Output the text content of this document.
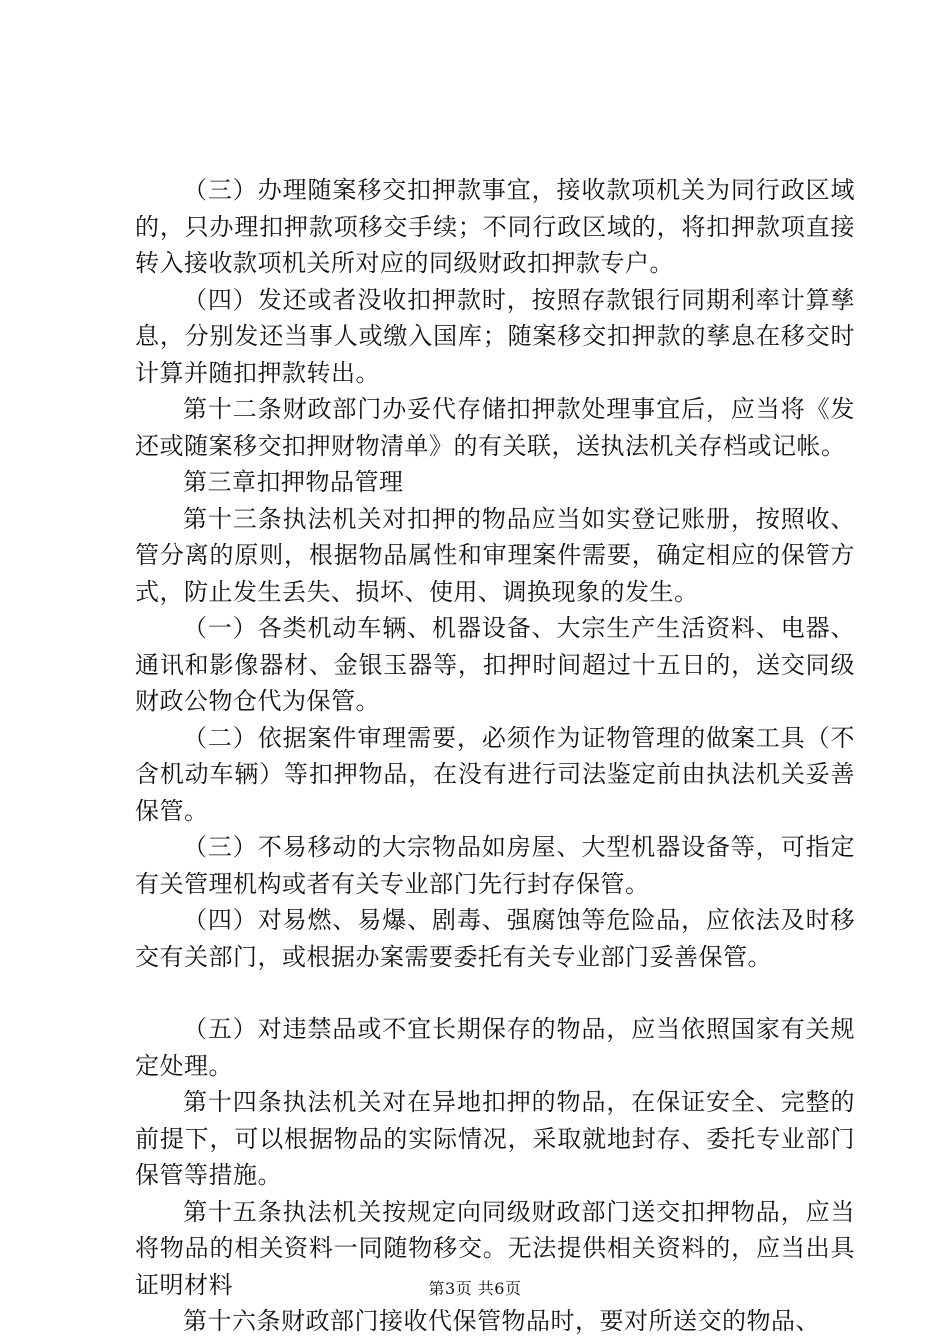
（三）办理随案移交扣押款事宜，接收款项机关为同行政区域的，只办理扣押款项移交手续；不同行政区域的，将扣押款项直接转入接收款项机关所对应的同级财政扣押款专户。

（四）发还或者没收扣押款时，按照存款银行同期利率计算孳息，分别发还当事人或缴入国库；随案移交扣押款的孳息在移交时计算并随扣押款转出。

第十二条财政部门办妥代存储扣押款处理事宜后，应当将《发还或随案移交扣押财物清单》的有关联，送执法机关存档或记帐。

第三章扣押物品管理

第十三条执法机关对扣押的物品应当如实登记账册，按照收、管分离的原则，根据物品属性和审理案件需要，确定相应的保管方式，防止发生丢失、损坏、使用、调换现象的发生。

（一）各类机动车辆、机器设备、大宗生产生活资料、电器、通讯和影像器材、金银玉器等，扣押时间超过十五日的，送交同级财政公物仓代为保管。

（二）依据案件审理需要，必须作为证物管理的做案工具（不含机动车辆）等扣押物品，在没有进行司法鉴定前由执法机关妥善保管。

（三）不易移动的大宗物品如房屋、大型机器设备等，可指定有关管理机构或者有关专业部门先行封存保管。

（四）对易燃、易爆、剧毒、强腐蚀等危险品，应依法及时移交有关部门，或根据办案需要委托有关专业部门妥善保管。

（五）对违禁品或不宜长期保存的物品，应当依照国家有关规定处理。

第十四条执法机关对在异地扣押的物品，在保证安全、完整的前提下，可以根据物品的实际情况，采取就地封存、委托专业部门保管等措施。

第十五条执法机关按规定向同级财政部门送交扣押物品，应当将物品的相关资料一同随物移交。无法提供相关资料的，应当出具证明材料

第十六条财政部门接收代保管物品时，要对所送交的物品、

第3页 共6页
